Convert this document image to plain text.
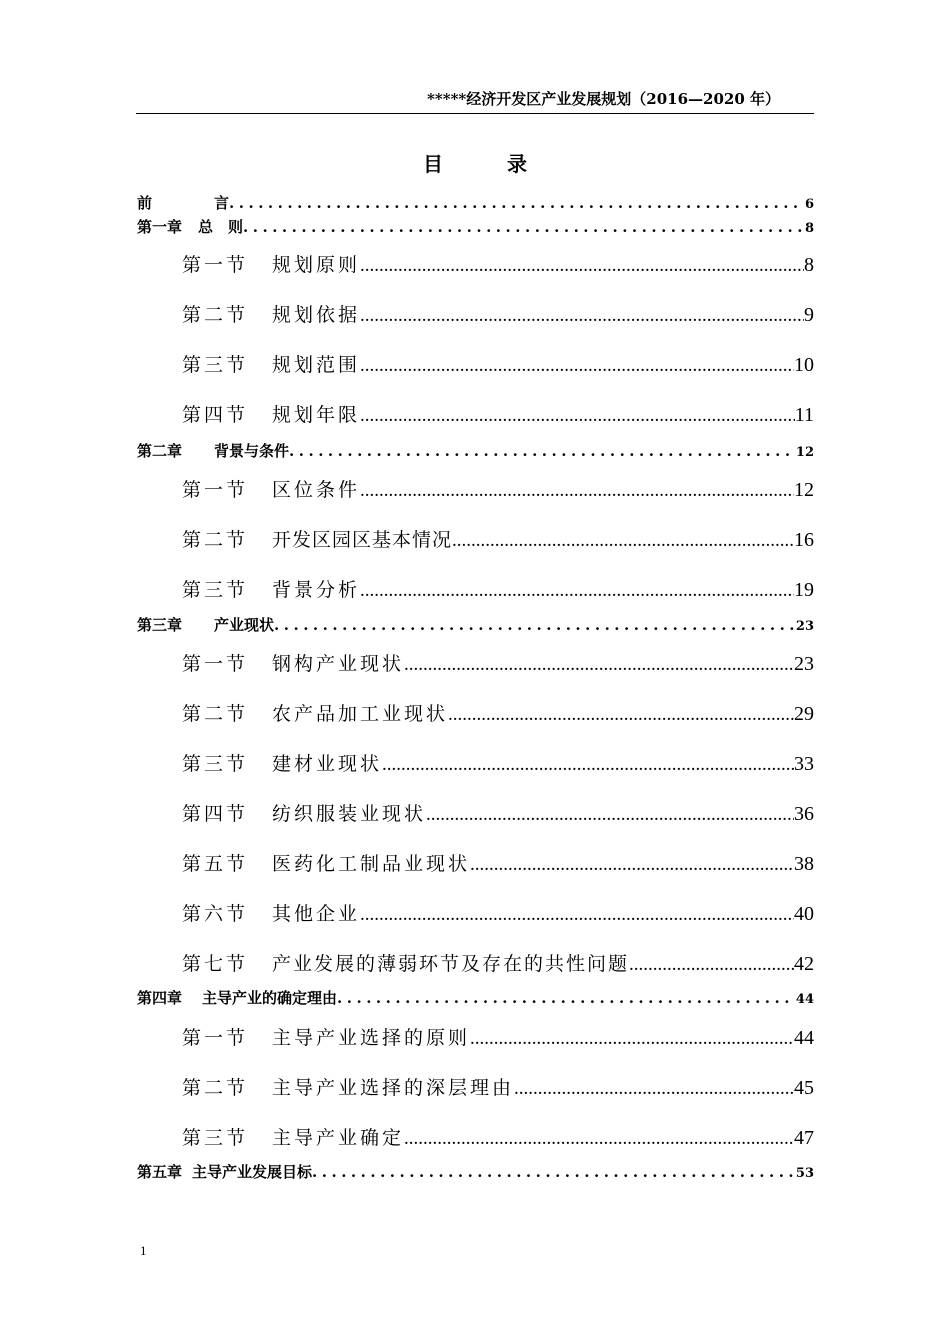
*****经济开发区产业发展规划（2016—2020 年）
目录
前	言 .....	6
第一章 总　则 .....	8
第一节 规划原则 .....	8
第二节 规划依据 .....	9
第三节 规划范围 .....	10
第四节 规划年限 .....	11
第二章 背景与条件 .....	12
第一节 区位条件 .....	12
第二节 开发区园区基本情况 .....	16
第三节 背景分析 .....	19
第三章 产业现状 .....	23
第一节 钢构产业现状 .....	23
第二节 农产品加工业现状 .....	29
第三节 建材业现状 .....	33
第四节 纺织服装业现状 .....	36
第五节 医药化工制品业现状 .....	38
第六节 其他企业 .....	40
第七节 产业发展的薄弱环节及存在的共性问题 .....	42
第四章 主导产业的确定理由 .....	44
第一节 主导产业选择的原则 .....	44
第二节 主导产业选择的深层理由 .....	45
第三节 主导产业确定 .....	47
第五章 主导产业发展目标 .....	53
1
